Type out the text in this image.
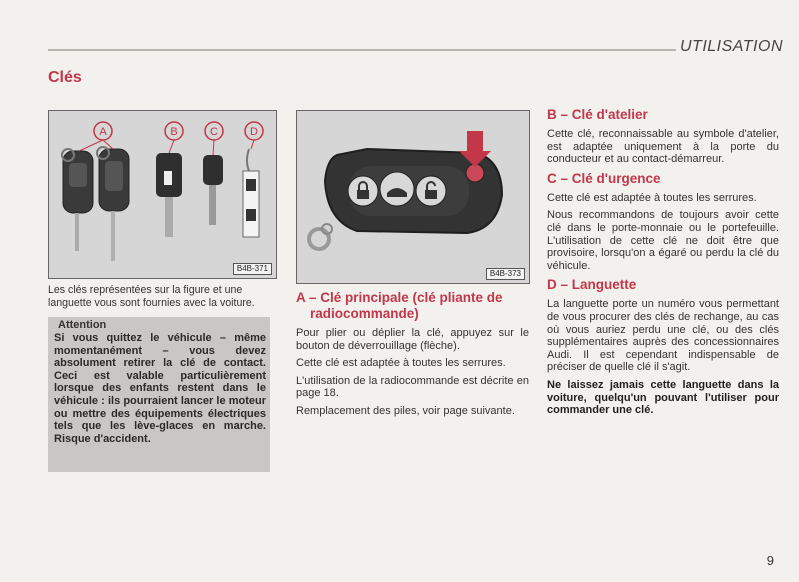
UTILISATION
Clés
A	B	C	D
B4B-371
B4B-373
Les clés représentées sur la figure et une languette vous sont fournies avec la voiture.
Attention
Si vous quittez le véhicule – même momentanément – vous devez absolument retirer la clé de contact. Ceci est valable particulièrement lorsque des enfants restent dans le véhicule : ils pourraient lancer le moteur ou mettre des équipements électriques tels que les lève-glaces en marche. Risque d'accident.
A – Clé principale (clé pliante de
radiocommande)

Pour plier ou déplier la clé, appuyez sur le bouton de déverrouillage (flèche).

Cette clé est adaptée à toutes les serrures.

L'utilisation de la radiocommande est décrite en page 18.

Remplacement des piles, voir page suivante.

B – Clé d'atelier

Cette clé, reconnaissable au symbole d'atelier, est adaptée uniquement à la porte du conducteur et au contact-démarreur.

C – Clé d'urgence

Cette clé est adaptée à toutes les serrures.

Nous recommandons de toujours avoir cette clé dans le porte-monnaie ou le portefeuille. L'utilisation de cette clé ne doit être que provisoire, lorsqu'on a égaré ou perdu la clé du véhicule.

D – Languette

La languette porte un numéro vous permettant de vous procurer des clés de rechange, au cas où vous auriez perdu une clé, ou des clés supplémentaires auprès des concessionnaires Audi. Il est cependant indispensable de préciser de quelle clé il s'agit.

Ne laissez jamais cette languette dans la voiture, quelqu'un pouvant l'utiliser pour commander une clé.

9
